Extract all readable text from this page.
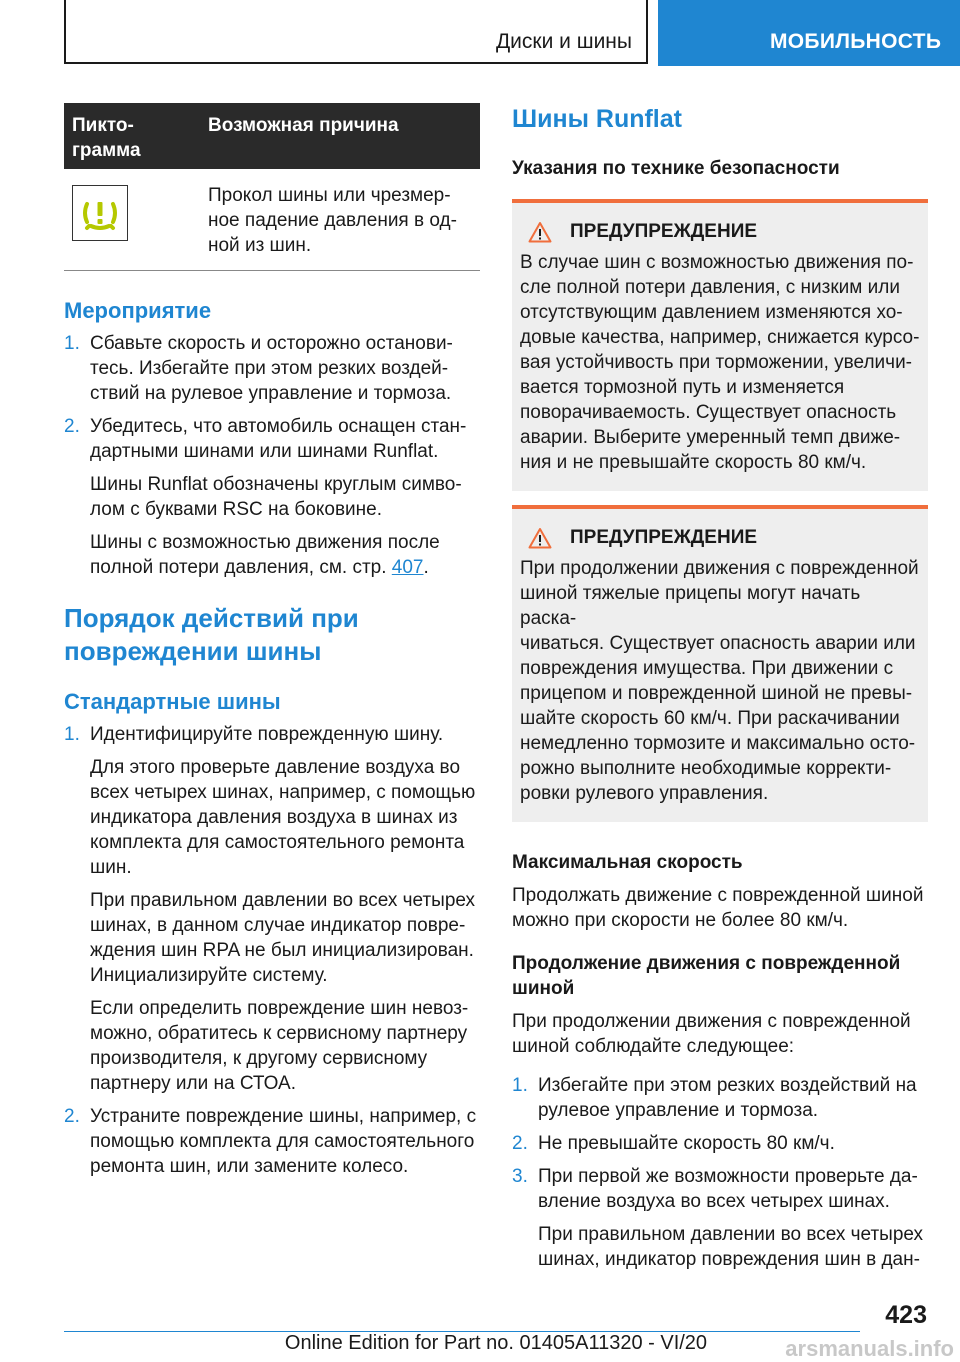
Диски и шины	МОБИЛЬНОСТЬ
Пикто-
грамма
Возможная причина
Прокол шины или чрезмер-
ное падение давления в од-
ной из шин.
Мероприятие
1. Сбавьте скорость и осторожно останови-
тесь. Избегайте при этом резких воздей-
ствий на рулевое управление и тормоза.
2. Убедитесь, что автомобиль оснащен стан-
дартными шинами или шинами Runflat.
Шины Runflat обозначены круглым симво-
лом с буквами RSC на боковине.
Шины с возможностью движения после
полной потери давления, см. стр. 407.
Порядок действий при
повреждении шины
Стандартные шины
1. Идентифицируйте поврежденную шину.
Для этого проверьте давление воздуха во
всех четырех шинах, например, с помощью
индикатора давления воздуха в шинах из
комплекта для самостоятельного ремонта
шин.
При правильном давлении во всех четырех
шинах, в данном случае индикатор повре-
ждения шин RPA не был инициализирован.
Инициализируйте систему.
Если определить повреждение шин невоз-
можно, обратитесь к сервисному партнеру
производителя, к другому сервисному
партнеру или на СТОА.
2. Устраните повреждение шины, например, с
помощью комплекта для самостоятельного
ремонта шин, или замените колесо.
Шины Runflat
Указания по технике безопасности
ПРЕДУПРЕЖДЕНИЕ
В случае шин с возможностью движения по-
сле полной потери давления, с низким или
отсутствующим давлением изменяются хо-
довые качества, например, снижается курсо-
вая устойчивость при торможении, увеличи-
вается тормозной путь и изменяется
поворачиваемость. Существует опасность
аварии. Выберите умеренный темп движе-
ния и не превышайте скорость 80 км/ч.
ПРЕДУПРЕЖДЕНИЕ
При продолжении движения с поврежденной
шиной тяжелые прицепы могут начать раска-
чиваться. Существует опасность аварии или
повреждения имущества. При движении с
прицепом и поврежденной шиной не превы-
шайте скорость 60 км/ч. При раскачивании
немедленно тормозите и максимально осто-
рожно выполните необходимые корректи-
ровки рулевого управления.
Максимальная скорость

Продолжать движение с поврежденной шиной
можно при скорости не более 80 км/ч.

Продолжение движения с поврежденной
шиной

При продолжении движения с поврежденной
шиной соблюдайте следующее:

1. Избегайте при этом резких воздействий на
рулевое управление и тормоза.
2. Не превышайте скорость 80 км/ч.
3. При первой же возможности проверьте да-
вление воздуха во всех четырех шинах.
При правильном давлении во всех четырех
шинах, индикатор повреждения шин в дан-
423
Online Edition for Part no. 01405A11320 - VI/20	arsmanuals.info
